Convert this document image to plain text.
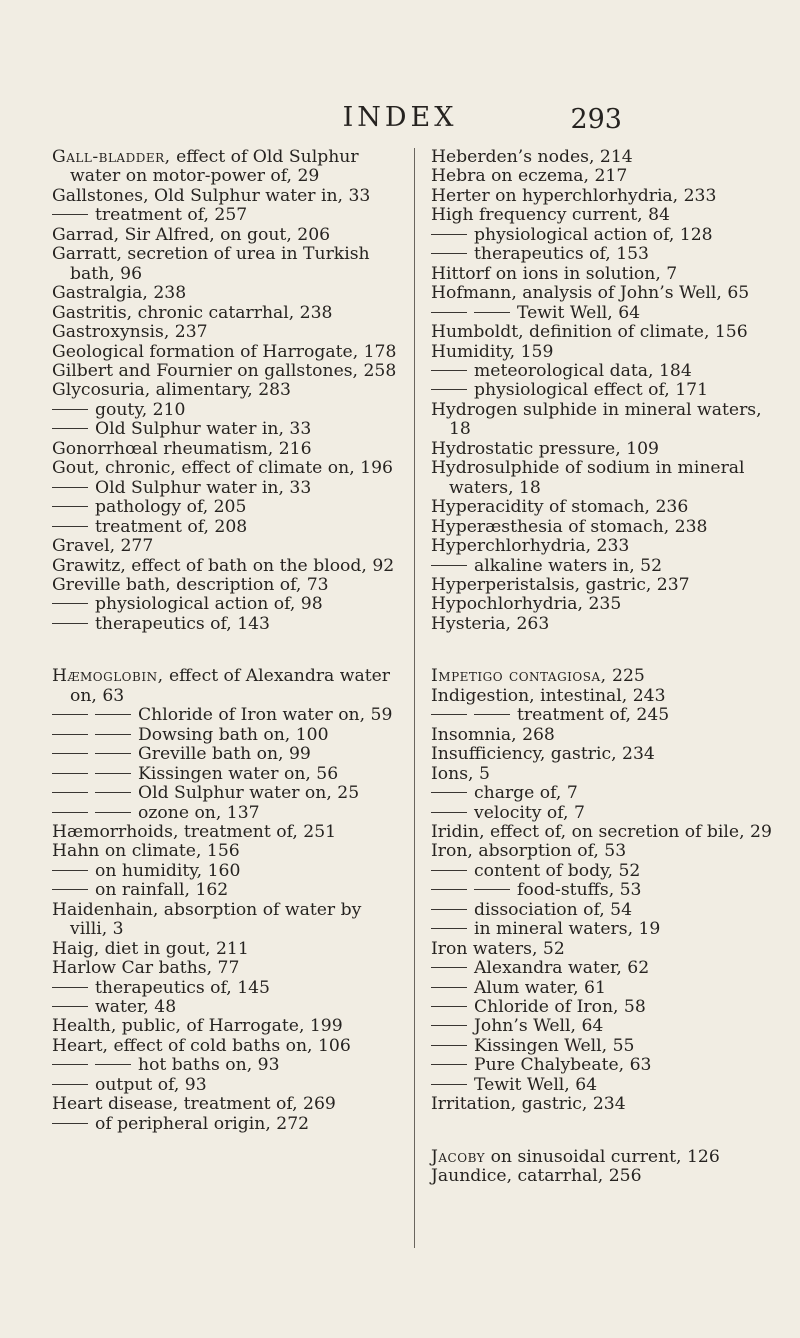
INDEX	293
Gall-bladder, effect of Old Sulphur water on motor-power of, 29
Gallstones, Old Sulphur water in, 33
treatment of, 257
Garrad, Sir Alfred, on gout, 206
Garratt, secretion of urea in Turkish bath, 96
Gastralgia, 238
Gastritis, chronic catarrhal, 238
Gastroxynsis, 237
Geological formation of Harrogate, 178
Gilbert and Fournier on gallstones, 258
Glycosuria, alimentary, 283
gouty, 210
Old Sulphur water in, 33
Gonorrhœal rheumatism, 216
Gout, chronic, effect of climate on, 196
Old Sulphur water in, 33
pathology of, 205
treatment of, 208
Gravel, 277
Grawitz, effect of bath on the blood, 92
Greville bath, description of, 73
physiological action of, 98
therapeutics of, 143
Hæmoglobin, effect of Alexandra water on, 63
Chloride of Iron water on, 59
Dowsing bath on, 100
Greville bath on, 99
Kissingen water on, 56
Old Sulphur water on, 25
ozone on, 137
Hæmorrhoids, treatment of, 251
Hahn on climate, 156
on humidity, 160
on rainfall, 162
Haidenhain, absorption of water by villi, 3
Haig, diet in gout, 211
Harlow Car baths, 77
therapeutics of, 145
water, 48
Health, public, of Harrogate, 199
Heart, effect of cold baths on, 106
hot baths on, 93
output of, 93
Heart disease, treatment of, 269
of peripheral origin, 272
Heberden’s nodes, 214
Hebra on eczema, 217
Herter on hyperchlorhydria, 233
High frequency current, 84
physiological action of, 128
therapeutics of, 153
Hittorf on ions in solution, 7
Hofmann, analysis of John’s Well, 65
Tewit Well, 64
Humboldt, definition of climate, 156
Humidity, 159
meteorological data, 184
physiological effect of, 171
Hydrogen sulphide in mineral waters, 18
Hydrostatic pressure, 109
Hydrosulphide of sodium in mineral waters, 18
Hyperacidity of stomach, 236
Hyperæsthesia of stomach, 238
Hyperchlorhydria, 233
alkaline waters in, 52
Hyperperistalsis, gastric, 237
Hypochlorhydria, 235
Hysteria, 263
Impetigo contagiosa, 225
Indigestion, intestinal, 243
treatment of, 245
Insomnia, 268
Insufficiency, gastric, 234
Ions, 5
charge of, 7
velocity of, 7
Iridin, effect of, on secretion of bile, 29
Iron, absorption of, 53
content of body, 52
food-stuffs, 53
dissociation of, 54
in mineral waters, 19
Iron waters, 52
Alexandra water, 62
Alum water, 61
Chloride of Iron, 58
John’s Well, 64
Kissingen Well, 55
Pure Chalybeate, 63
Tewit Well, 64
Irritation, gastric, 234
Jacoby on sinusoidal current, 126
Jaundice, catarrhal, 256
